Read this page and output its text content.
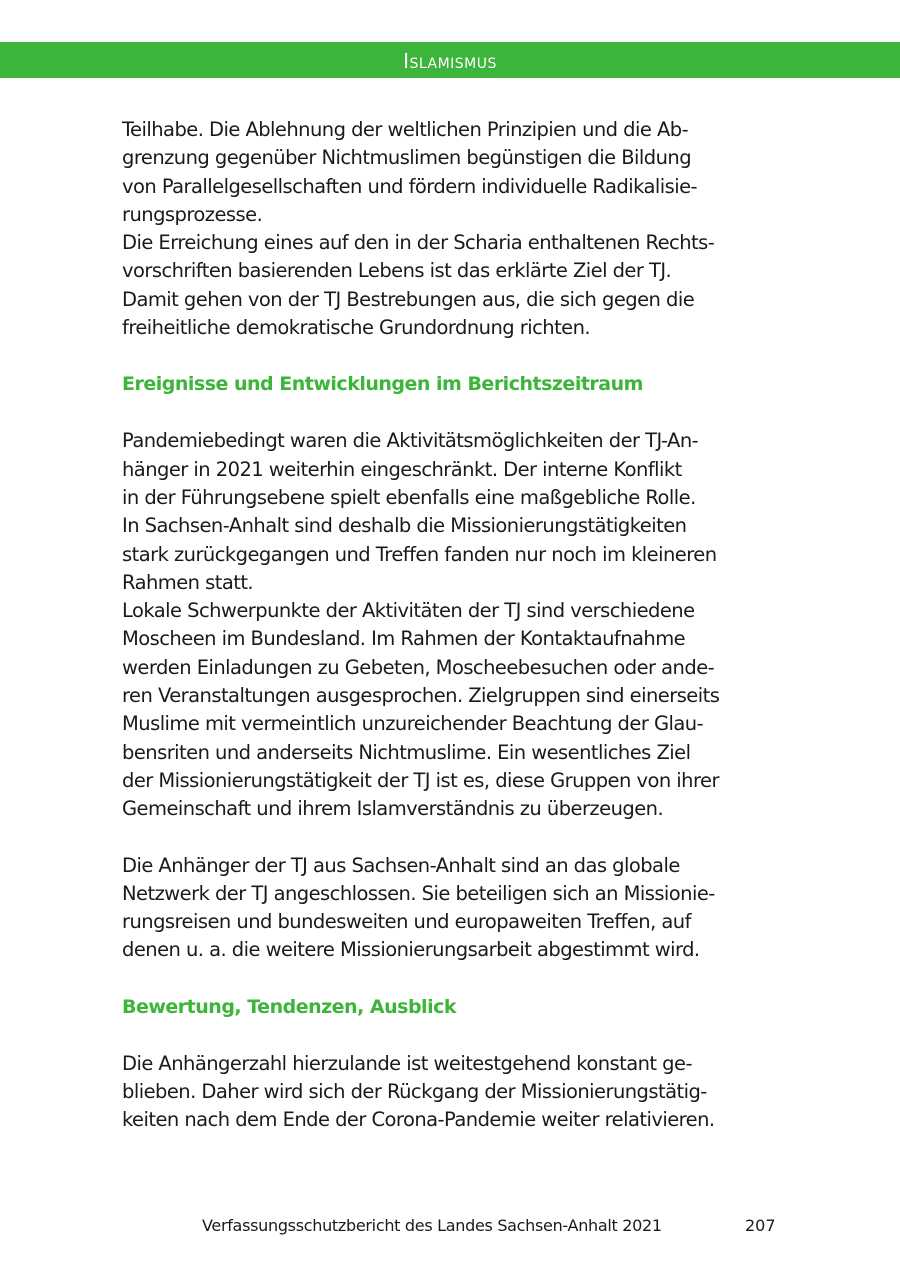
Islamismus

Teilhabe. Die Ablehnung der weltlichen Prinzipien und die Ab-
grenzung gegenüber Nichtmuslimen begünstigen die Bildung
von Parallelgesellschaften und fördern individuelle Radikalisie-
rungsprozesse.
Die Erreichung eines auf den in der Scharia enthaltenen Rechts-
vorschriften basierenden Lebens ist das erklärte Ziel der TJ.
Damit gehen von der TJ Bestrebungen aus, die sich gegen die
freiheitliche demokratische Grundordnung richten.

Ereignisse und Entwicklungen im Berichtszeitraum

Pandemiebedingt waren die Aktivitätsmöglichkeiten der TJ-An-
hänger in 2021 weiterhin eingeschränkt. Der interne Konflikt
in der Führungsebene spielt ebenfalls eine maßgebliche Rolle.
In Sachsen-Anhalt sind deshalb die Missionierungstätigkeiten
stark zurückgegangen und Treffen fanden nur noch im kleineren
Rahmen statt.
Lokale Schwerpunkte der Aktivitäten der TJ sind verschiedene
Moscheen im Bundesland. Im Rahmen der Kontaktaufnahme
werden Einladungen zu Gebeten, Moscheebesuchen oder ande-
ren Veranstaltungen ausgesprochen. Zielgruppen sind einerseits
Muslime mit vermeintlich unzureichender Beachtung der Glau-
bensriten und anderseits Nichtmuslime. Ein wesentliches Ziel
der Missionierungstätigkeit der TJ ist es, diese Gruppen von ihrer
Gemeinschaft und ihrem Islamverständnis zu überzeugen.

Die Anhänger der TJ aus Sachsen-Anhalt sind an das globale
Netzwerk der TJ angeschlossen. Sie beteiligen sich an Missionie-
rungsreisen und bundesweiten und europaweiten Treffen, auf
denen u. a. die weitere Missionierungsarbeit abgestimmt wird.

Bewertung, Tendenzen, Ausblick

Die Anhängerzahl hierzulande ist weitestgehend konstant ge-
blieben. Daher wird sich der Rückgang der Missionierungstätig-
keiten nach dem Ende der Corona-Pandemie weiter relativieren.

Verfassungsschutzbericht des Landes Sachsen-Anhalt 2021	207
